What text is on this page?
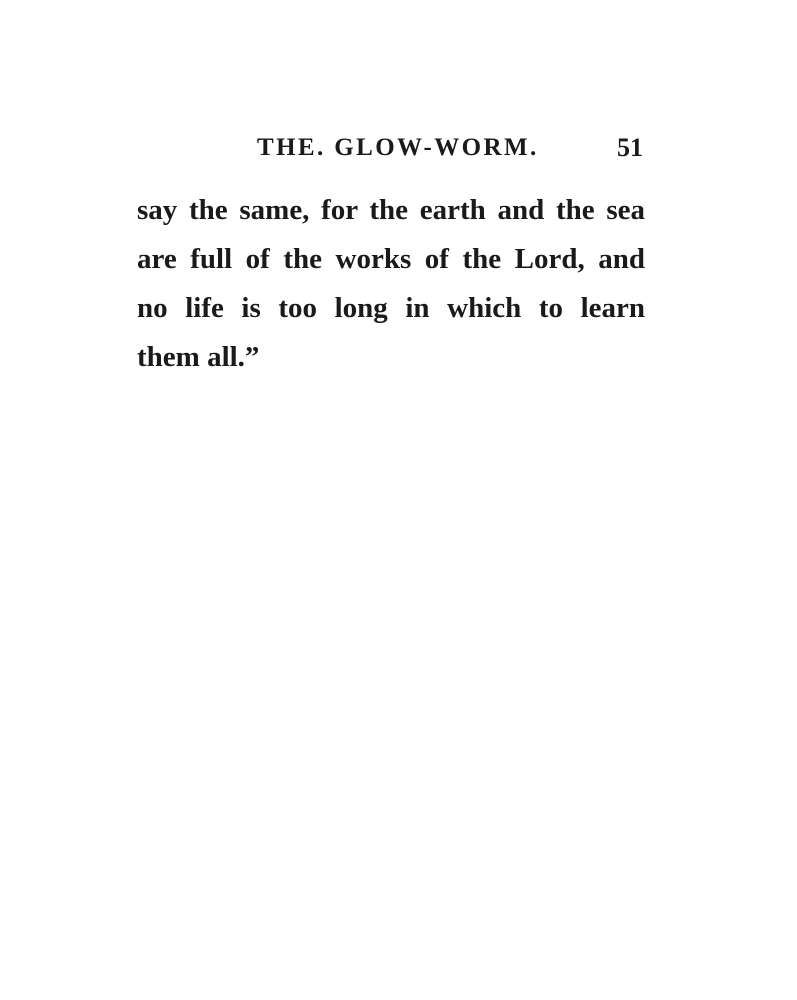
THE. GLOW-WORM.	51
say the same, for the earth and the sea
are full of the works of the Lord, and
no life is too long in which to learn
them all.”
